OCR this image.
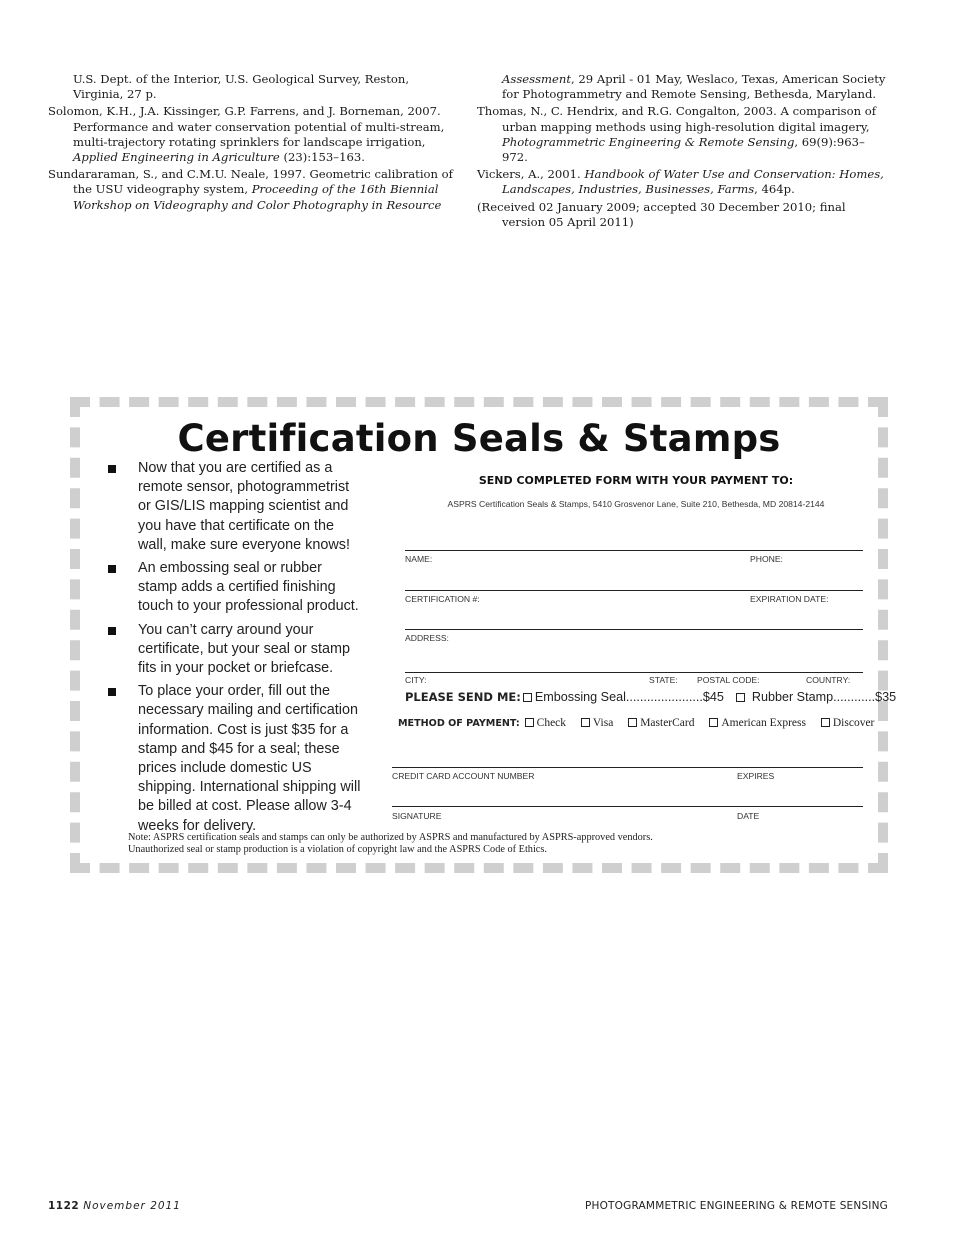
U.S. Dept. of the Interior, U.S. Geological Survey, Reston, Virginia, 27 p.

Solomon, K.H., J.A. Kissinger, G.P. Farrens, and J. Borneman, 2007. Performance and water conservation potential of multi-stream, multi-trajectory rotating sprinklers for landscape irrigation, Applied Engineering in Agriculture (23):153–163.

Sundararaman, S., and C.M.U. Neale, 1997. Geometric calibration of the USU videography system, Proceeding of the 16th Biennial Workshop on Videography and Color Photography in Resource

Assessment, 29 April - 01 May, Weslaco, Texas, American Society for Photogrammetry and Remote Sensing, Bethesda, Maryland.

Thomas, N., C. Hendrix, and R.G. Congalton, 2003. A comparison of urban mapping methods using high-resolution digital imagery, Photogrammetric Engineering & Remote Sensing, 69(9):963–972.

Vickers, A., 2001. Handbook of Water Use and Conservation: Homes, Landscapes, Industries, Businesses, Farms, 464p.

(Received 02 January 2009; accepted 30 December 2010; final version 05 April 2011)

Certification Seals & Stamps
Now that you are certified as a remote sensor, photogrammetrist or GIS/LIS mapping scientist and you have that certificate on the wall, make sure everyone knows!
An embossing seal or rubber stamp adds a certified finishing touch to your professional product.
You can’t carry around your certificate, but your seal or stamp fits in your pocket or briefcase.
To place your order, fill out the necessary mailing and certification information. Cost is just $35 for a stamp and $45 for a seal; these prices include domestic US shipping. International shipping will be billed at cost. Please allow 3-4 weeks for delivery.
SEND COMPLETED FORM WITH YOUR PAYMENT TO:
ASPRS Certification Seals & Stamps, 5410 Grosvenor Lane, Suite 210, Bethesda, MD 20814-2144
NAME:	PHONE:
CERTIFICATION #:	EXPIRATION DATE:
ADDRESS:
CITY:	STATE: POSTAL CODE:	COUNTRY:
PLEASE SEND ME: Embossing Seal......................$45 Rubber Stamp............$35
METHOD OF PAYMENT: Check Visa MasterCard American Express Discover
CREDIT CARD ACCOUNT NUMBER	EXPIRES
SIGNATURE	DATE
Note: ASPRS certification seals and stamps can only be authorized by ASPRS and manufactured by ASPRS-approved vendors.
Unauthorized seal or stamp production is a violation of copyright law and the ASPRS Code of Ethics.
1122 November 2011	PHOTOGRAMMETRIC ENGINEERING & REMOTE SENSING
